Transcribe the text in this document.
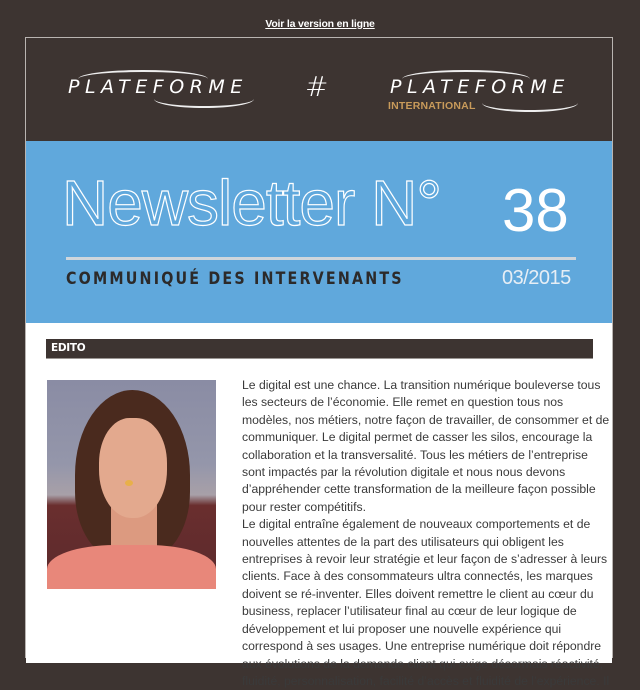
Voir la version en ligne
PLATEFORME #	PLATEFORME
INTERNATIONAL
Newsletter N° 38
COMMUNIQUÉ DES INTERVENANTS	03/2015
EDITO

Le digital est une chance. La transition numérique bouleverse tous les secteurs de l’économie. Elle remet en question tous nos modèles, nos métiers, notre façon de travailler, de consommer et de communiquer. Le digital permet de casser les silos, encourage la collaboration et la transversalité. Tous les métiers de l’entreprise sont impactés par la révolution digitale et nous nous devons d’appréhender cette transformation de la meilleure façon possible pour rester compétitifs.

Le digital entraîne également de nouveaux comportements et de nouvelles attentes de la part des utilisateurs qui obligent les entreprises à revoir leur stratégie et leur façon de s’adresser à leurs clients. Face à des consommateurs ultra connectés, les marques doivent se ré-inventer. Elles doivent remettre le client au cœur du business, replacer l’utilisateur final au cœur de leur logique de développement et lui proposer une nouvelle expérience qui correspond à ses usages. Une entreprise numérique doit répondre aux évolutions de la demande client qui exige désormais réactivité, fluidité, personnalisation, facilité d’accès et fluidité de l’expérience. Il
